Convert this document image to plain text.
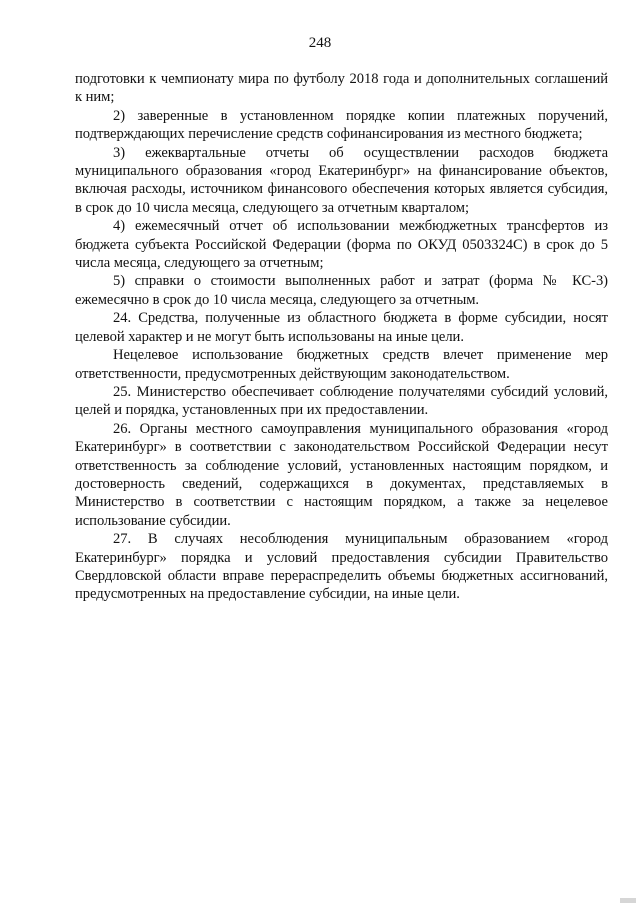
248

подготовки к чемпионату мира по футболу 2018 года и дополнительных соглашений к ним;

2) заверенные в установленном порядке копии платежных поручений, подтверждающих перечисление средств софинансирования из местного бюджета;

3) ежеквартальные отчеты об осуществлении расходов бюджета муниципального образования «город Екатеринбург» на финансирование объектов, включая расходы, источником финансового обеспечения которых является субсидия, в срок до 10 числа месяца, следующего за отчетным кварталом;

4) ежемесячный отчет об использовании межбюджетных трансфертов из бюджета субъекта Российской Федерации (форма по ОКУД 0503324С) в срок до 5 числа месяца, следующего за отчетным;

5) справки о стоимости выполненных работ и затрат (форма № КС-3) ежемесячно в срок до 10 числа месяца, следующего за отчетным.

24. Средства, полученные из областного бюджета в форме субсидии, носят целевой характер и не могут быть использованы на иные цели.

Нецелевое использование бюджетных средств влечет применение мер ответственности, предусмотренных действующим законодательством.

25. Министерство обеспечивает соблюдение получателями субсидий условий, целей и порядка, установленных при их предоставлении.

26. Органы местного самоуправления муниципального образования «город Екатеринбург» в соответствии с законодательством Российской Федерации несут ответственность за соблюдение условий, установленных настоящим порядком, и достоверность сведений, содержащихся в документах, представляемых в Министерство в соответствии с настоящим порядком, а также за нецелевое использование субсидии.

27. В случаях несоблюдения муниципальным образованием «город Екатеринбург» порядка и условий предоставления субсидии Правительство Свердловской области вправе перераспределить объемы бюджетных ассигнований, предусмотренных на предоставление субсидии, на иные цели.
